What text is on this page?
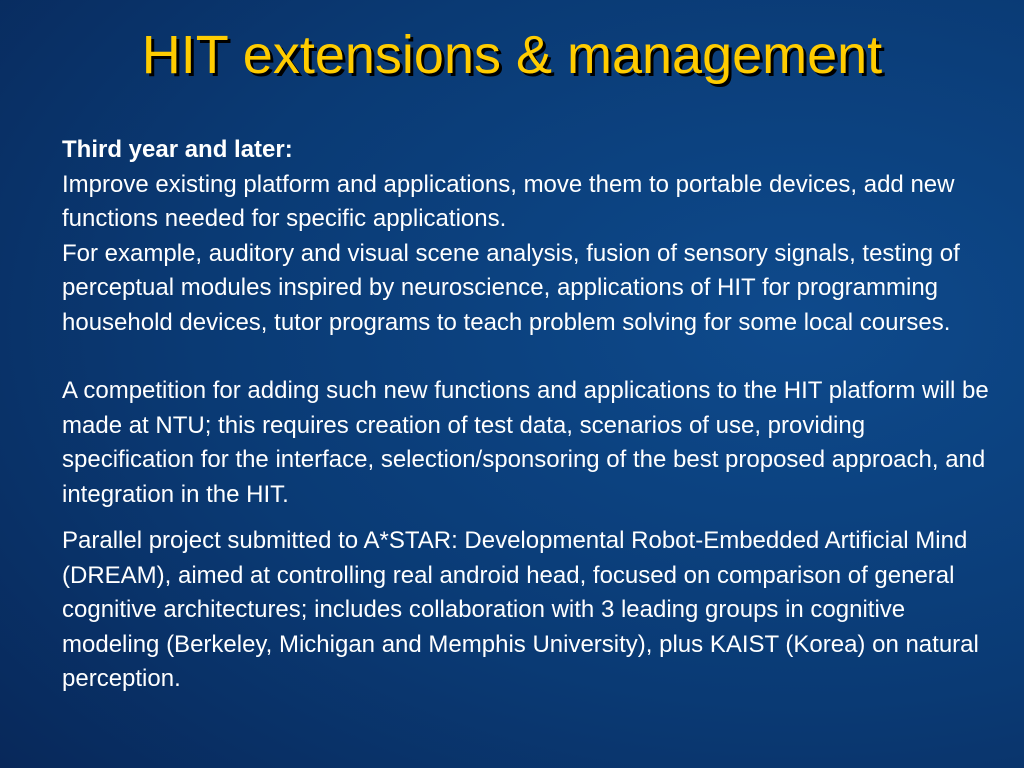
HIT extensions & management

Third year and later:

Improve existing platform and applications, move them to portable devices, add new functions needed for specific applications.

For example, auditory and visual scene analysis, fusion of sensory signals, testing of perceptual modules inspired by neuroscience, applications of HIT for programming household devices, tutor programs to teach problem solving for some local courses.

A competition for adding such new functions and applications to the HIT platform will be made at NTU; this requires creation of test data, scenarios of use, providing specification for the interface, selection/sponsoring of the best proposed approach, and integration in the HIT.

Parallel project submitted to A*STAR: Developmental Robot-Embedded Artificial Mind (DREAM), aimed at controlling real android head, focused on comparison of general cognitive architectures; includes collaboration with 3 leading groups in cognitive modeling (Berkeley, Michigan and Memphis University), plus KAIST (Korea) on natural perception.
